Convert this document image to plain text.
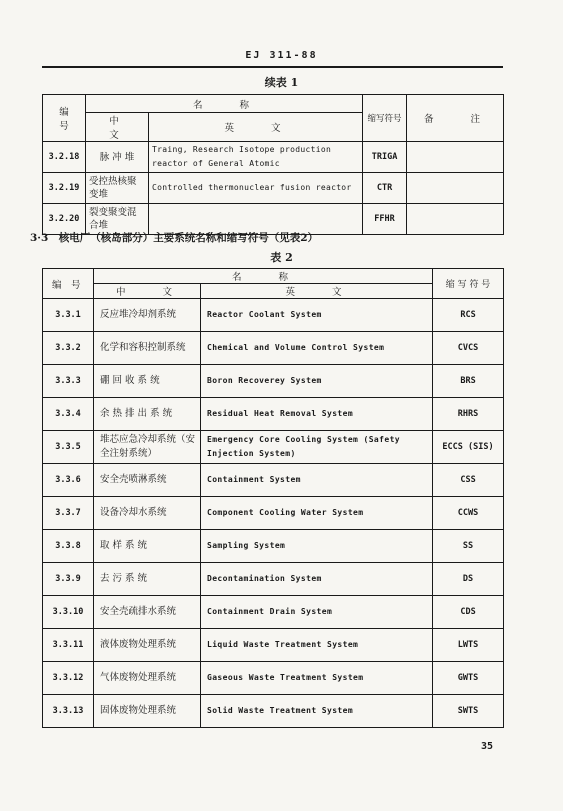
EJ 311-88
续表 1
编　号	名　　称		缩写符号	备　　注
	中　　文	英　　文		
3.2.18	脉 冲 堆	Traing, Research Isotope production reactor of General Atomic	TRIGA	
3.2.19	受控热核聚变堆	Controlled thermonuclear fusion reactor	CTR	
3.2.20	裂变聚变混合堆		FFHR	
3·3　核电厂（核岛部分）主要系统名称和缩写符号（见表2）
表 2
编　号	名　　称		缩 写 符 号
	中　　文	英　　文	
3.3.1	反应堆冷却剂系统	Reactor Coolant System	RCS
3.3.2	化学和容积控制系统	Chemical and Volume Control System	CVCS
3.3.3	硼 回 收 系 统	Boron Recoverey System	BRS
3.3.4	余 热 排 出 系 统	Residual Heat Removal System	RHRS
3.3.5	堆芯应急冷却系统（安全注射系统）	Emergency Core Cooling System (Safety Injection System)	ECCS (SIS)
3.3.6	安全壳喷淋系统	Containment System	CSS
3.3.7	设备冷却水系统	Component Cooling Water System	CCWS
3.3.8	取 样 系 统	Sampling System	SS
3.3.9	去 污 系 统	Decontamination System	DS
3.3.10	安全壳疏排水系统	Containment Drain System	CDS
3.3.11	液体废物处理系统	Liquid Waste Treatment System	LWTS
3.3.12	气体废物处理系统	Gaseous Waste Treatment System	GWTS
3.3.13	固体废物处理系统	Solid Waste Treatment System	SWTS
35
